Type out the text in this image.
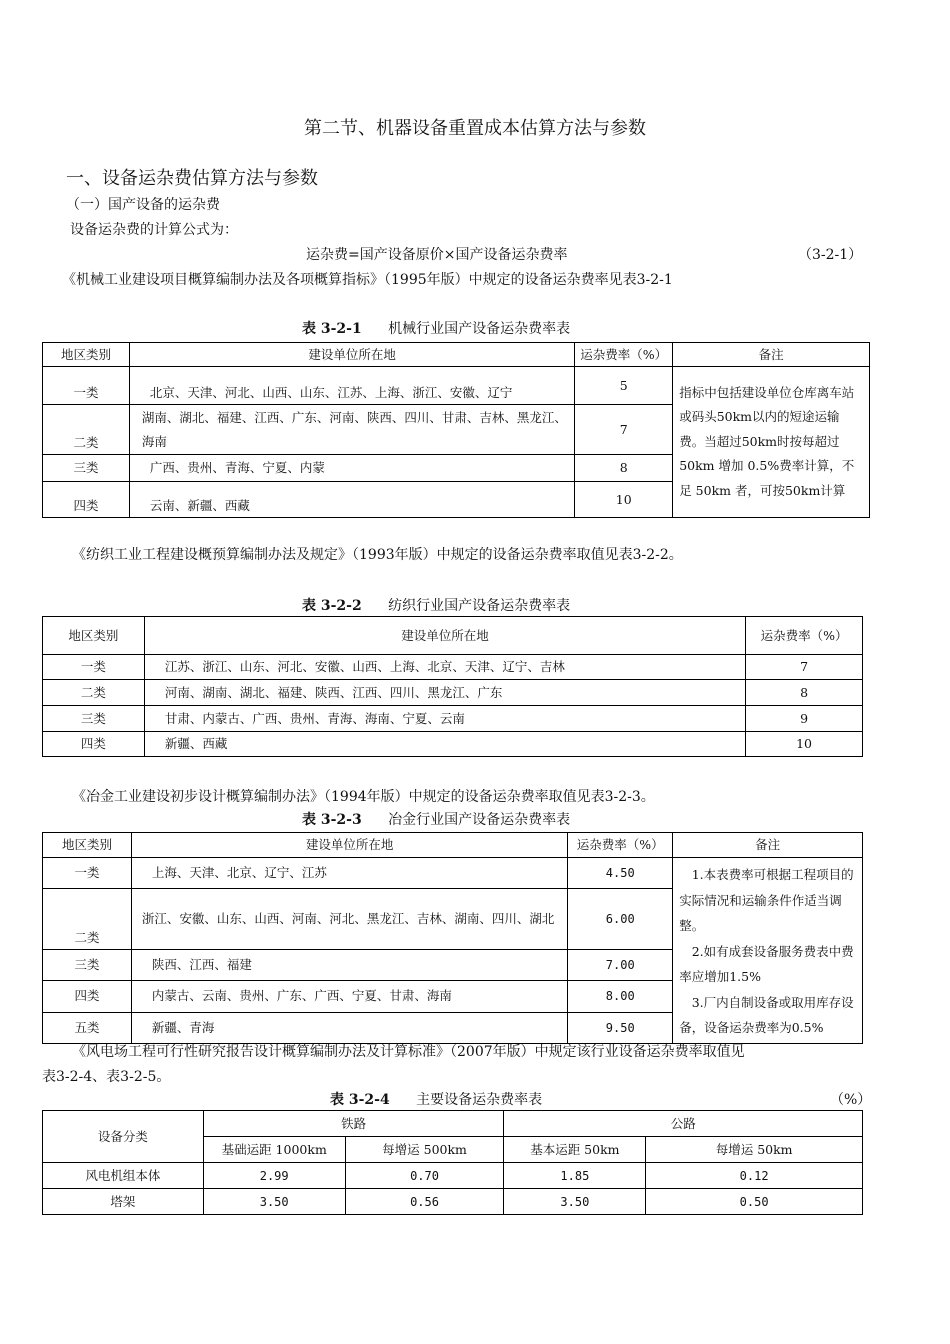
第二节、机器设备重置成本估算方法与参数
一、设备运杂费估算方法与参数
（一）国产设备的运杂费
设备运杂费的计算公式为：
运杂费=国产设备原价×国产设备运杂费率	（3-2-1）
《机械工业建设项目概算编制办法及各项概算指标》（1995年版）中规定的设备运杂费率见表3-2-1
表 3-2-1 机械行业国产设备运杂费率表
地区类别	建设单位所在地	运杂费率（%）	备注
一类	北京、天津、河北、山西、山东、江苏、上海、浙江、安徽、辽宁	5	指标中包括建设单位仓库离车站或码头50km以内的短途运输费。当超过50km时按每超过 50km 增加 0.5%费率计算，不足 50km 者，可按50km计算
二类	湖南、湖北、福建、江西、广东、河南、陕西、四川、甘肃、吉林、黑龙江、海南	7	
三类	广西、贵州、青海、宁夏、内蒙	8	
四类	云南、新疆、西藏	10	
《纺织工业工程建设概预算编制办法及规定》（1993年版）中规定的设备运杂费率取值见表3-2-2。
表 3-2-2 纺织行业国产设备运杂费率表
地区类别	建设单位所在地	运杂费率（%）
一类	江苏、浙江、山东、河北、安徽、山西、上海、北京、天津、辽宁、吉林	7
二类	河南、湖南、湖北、福建、陕西、江西、四川、黑龙江、广东	8
三类	甘肃、内蒙古、广西、贵州、青海、海南、宁夏、云南	9
四类	新疆、西藏	10
《冶金工业建设初步设计概算编制办法》（1994年版）中规定的设备运杂费率取值见表3-2-3。
表 3-2-3 冶金行业国产设备运杂费率表
地区类别	建设单位所在地	运杂费率（%）	备注
一类	上海、天津、北京、辽宁、江苏	4.50	1.本表费率可根据工程项目的实际情况和运输条件作适当调整。
2.如有成套设备服务费表中费率应增加1.5%
3.厂内自制设备或取用库存设备，设备运杂费率为0.5%

二类	浙江、安徽、山东、山西、河南、河北、黑龙江、吉林、湖南、四川、湖北	6.00	
三类	陕西、江西、福建	7.00	
四类	内蒙古、云南、贵州、广东、广西、宁夏、甘肃、海南	8.00	
五类	新疆、青海	9.50	
《风电场工程可行性研究报告设计概算编制办法及计算标准》（2007年版）中规定该行业设备运杂费率取值见
表3-2-4、表3-2-5。
表 3-2-4 主要设备运杂费率表	（%）
设备分类	铁路		公路	
	基础运距 1000km	每增运 500km	基本运距 50km	每增运 50km
风电机组本体	2.99	0.70	1.85	0.12
塔架	3.50	0.56	3.50	0.50
